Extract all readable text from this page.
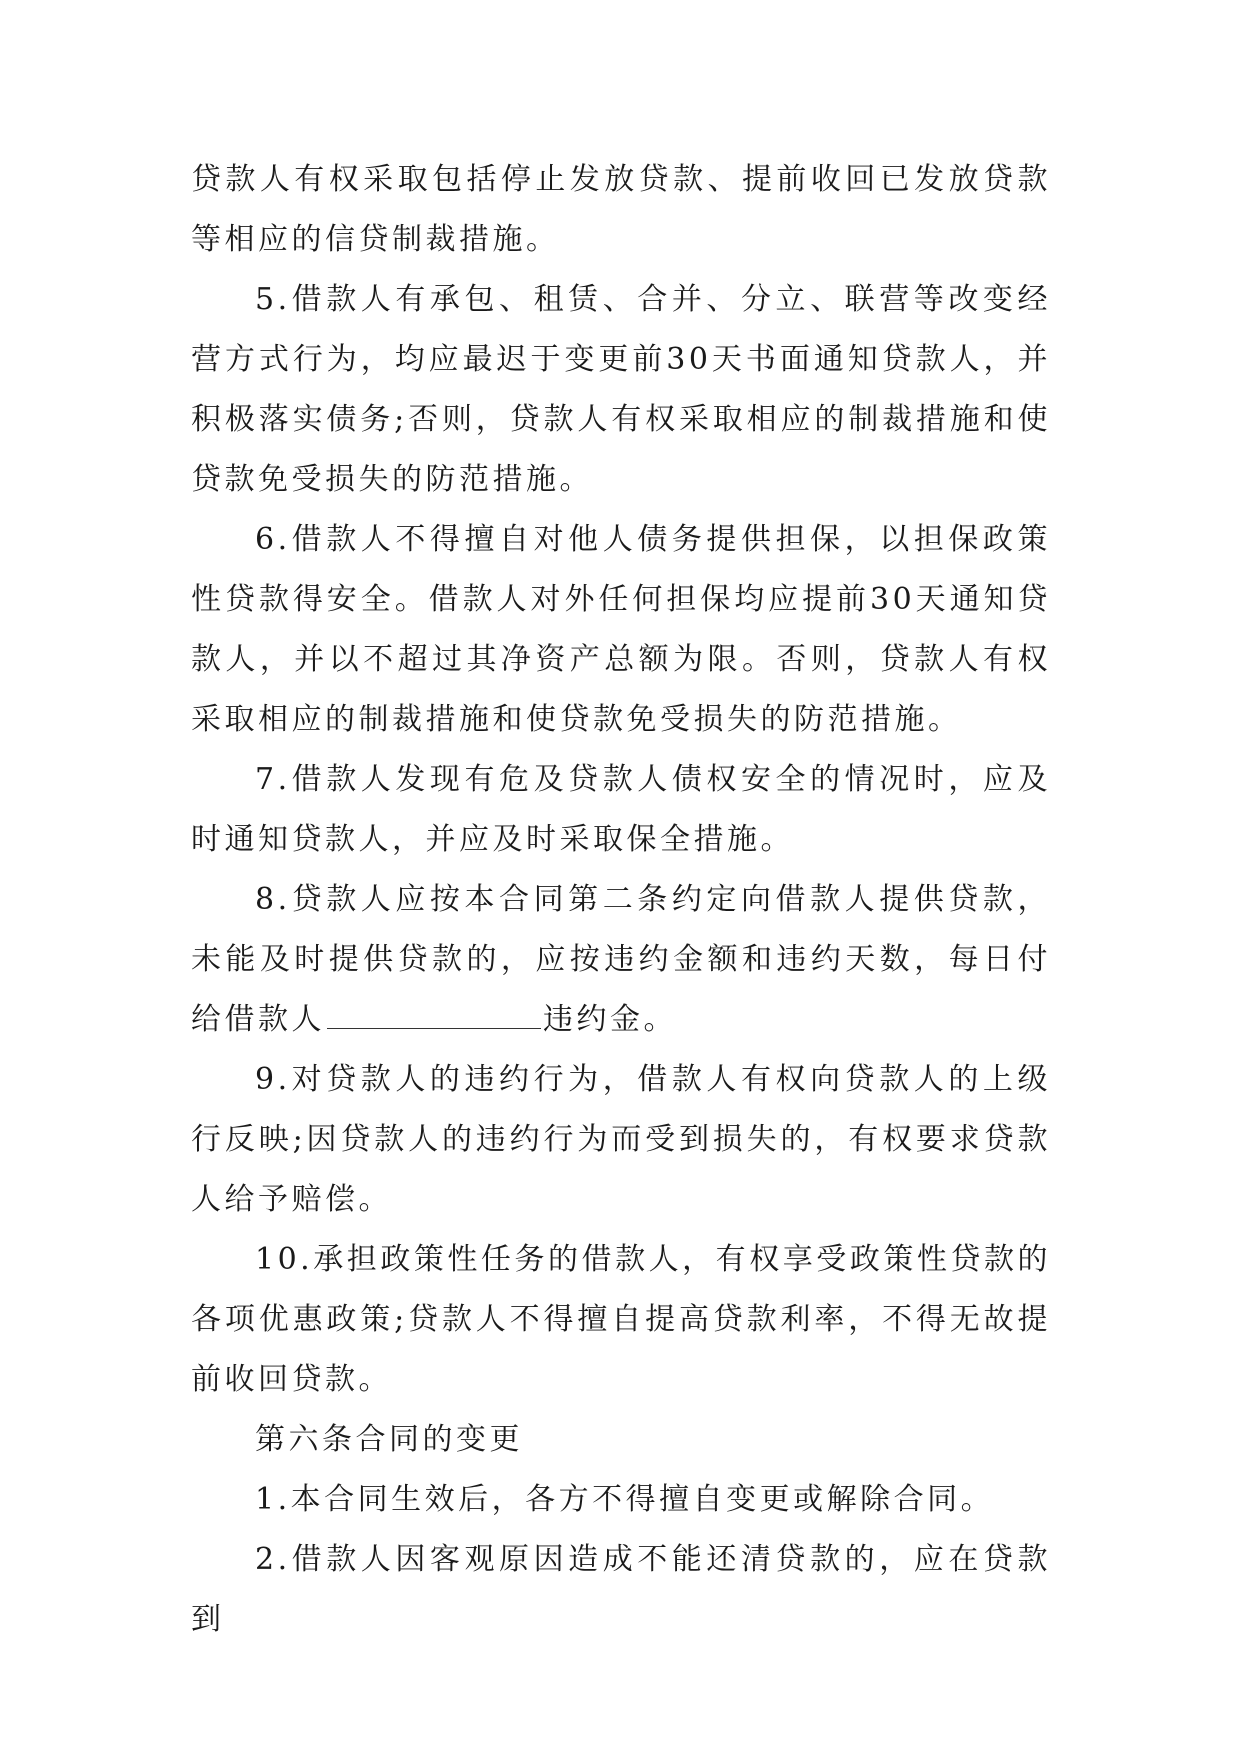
贷款人有权采取包括停止发放贷款、提前收回已发放贷款等相应的信贷制裁措施。

5.借款人有承包、租赁、合并、分立、联营等改变经营方式行为，均应最迟于变更前30天书面通知贷款人，并积极落实债务;否则，贷款人有权采取相应的制裁措施和使贷款免受损失的防范措施。

6.借款人不得擅自对他人债务提供担保，以担保政策性贷款得安全。借款人对外任何担保均应提前30天通知贷款人，并以不超过其净资产总额为限。否则，贷款人有权采取相应的制裁措施和使贷款免受损失的防范措施。

7.借款人发现有危及贷款人债权安全的情况时，应及时通知贷款人，并应及时采取保全措施。

8.贷款人应按本合同第二条约定向借款人提供贷款，未能及时提供贷款的，应按违约金额和违约天数，每日付给借款人	违约金。

9.对贷款人的违约行为，借款人有权向贷款人的上级行反映;因贷款人的违约行为而受到损失的，有权要求贷款人给予赔偿。

10.承担政策性任务的借款人，有权享受政策性贷款的各项优惠政策;贷款人不得擅自提高贷款利率，不得无故提前收回贷款。

第六条合同的变更

1.本合同生效后，各方不得擅自变更或解除合同。

2.借款人因客观原因造成不能还清贷款的，应在贷款到
